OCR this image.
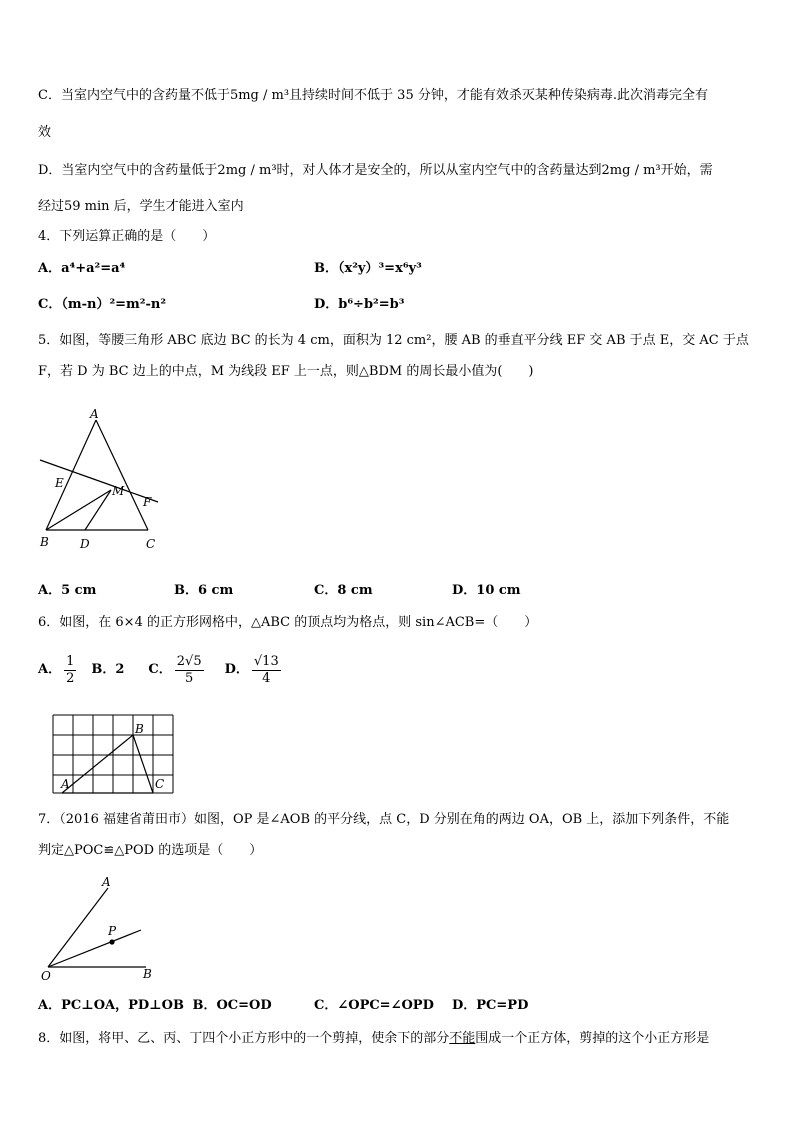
C．当室内空气中的含药量不低于5mg / m³且持续时间不低于 35 分钟，才能有效杀灭某种传染病毒.此次消毒完全有
效
D．当室内空气中的含药量低于2mg / m³时，对人体才是安全的，所以从室内空气中的含药量达到2mg / m³开始，需
经过59 min 后，学生才能进入室内
4．下列运算正确的是（　　）
A．a⁴+a²=a⁴	B．（x²y）³=x⁶y³
C．（m-n）²=m²-n²	D．b⁶÷b²=b³
5．如图，等腰三角形 ABC 底边 BC 的长为 4 cm，面积为 12 cm²，腰 AB 的垂直平分线 EF 交 AB 于点 E，交 AC 于点
F，若 D 为 BC 边上的中点，M 为线段 EF 上一点，则△BDM 的周长最小值为(　　)
A
E
M
F
B	D	C
A．5 cm	B．6 cm	C．8 cm	D．10 cm
6．如图，在 6×4 的正方形网格中，△ABC 的顶点均为格点，则 sin∠ACB=（　　）
A． $\frac{1}{2}$ B．2 C． $\frac{2√5}{5}$ D． $\frac{√13}{4}$
B
A	C
7．（2016 福建省莆田市）如图，OP 是∠AOB 的平分线，点 C，D 分别在角的两边 OA，OB 上，添加下列条件，不能
判定△POC≌△POD 的选项是（　　）
A
P
O	B
A．PC⊥OA，PD⊥OB B．OC=OD	C．∠OPC=∠OPD D．PC=PD
8．如图，将甲、乙、丙、丁四个小正方形中的一个剪掉，使余下的部分不能围成一个正方体，剪掉的这个小正方形是
